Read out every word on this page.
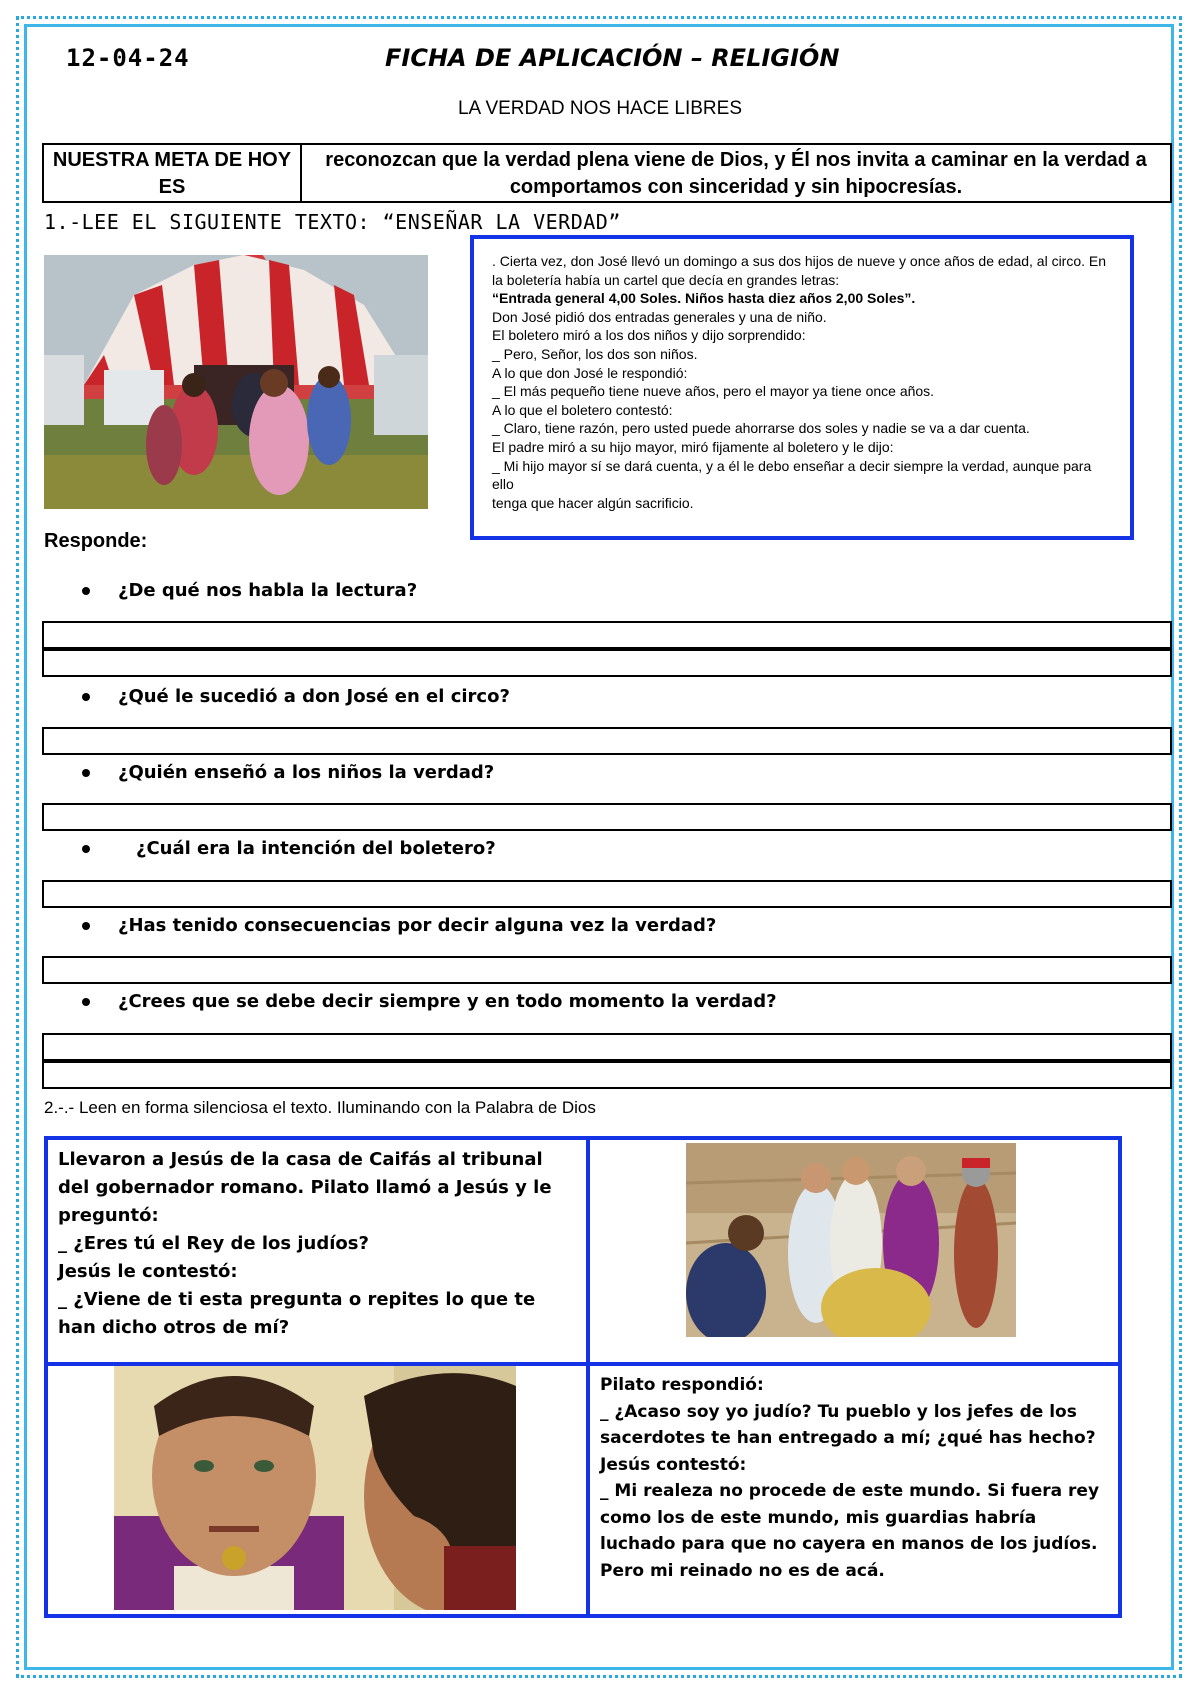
12-04-24	FICHA DE APLICACIÓN – RELIGIÓN
LA VERDAD NOS HACE LIBRES
NUESTRA META DE HOY ES
reconozcan que la verdad plena viene de Dios, y Él nos invita a caminar en la verdad a comportamos con sinceridad y sin hipocresías.
1.-LEE EL SIGUIENTE TEXTO: “ENSEÑAR LA VERDAD”

. Cierta vez, don José llevó un domingo a sus dos hijos de nueve y once años de edad, al circo. En la boletería había un cartel que decía en grandes letras:

“Entrada general 4,00 Soles. Niños hasta diez años 2,00 Soles”.

Don José pidió dos entradas generales y una de niño.

El boletero miró a los dos niños y dijo sorprendido:

_ Pero, Señor, los dos son niños.

A lo que don José le respondió:

_ El más pequeño tiene nueve años, pero el mayor ya tiene once años.

A lo que el boletero contestó:

_ Claro, tiene razón, pero usted puede ahorrarse dos soles y nadie se va a dar cuenta.

El padre miró a su hijo mayor, miró fijamente al boletero y le dijo:

_ Mi hijo mayor sí se dará cuenta, y a él le debo enseñar a decir siempre la verdad, aunque para ello

tenga que hacer algún sacrificio.

Responde:
¿De qué nos habla la lectura?
¿Qué le sucedió a don José en el circo?
¿Quién enseñó a los niños la verdad?
¿Cuál era la intención del boletero?
¿Has tenido consecuencias por decir alguna vez la verdad?
¿Crees que se debe decir siempre y en todo momento la verdad?
2.-.- Leen en forma silenciosa el texto. Iluminando con la Palabra de Dios

Llevaron a Jesús de la casa de Caifás al tribunal del gobernador romano. Pilato llamó a Jesús y le preguntó:

_ ¿Eres tú el Rey de los judíos?

Jesús le contestó:

_ ¿Viene de ti esta pregunta o repites lo que te han dicho otros de mí?

Pilato respondió:

_ ¿Acaso soy yo judío? Tu pueblo y los jefes de los sacerdotes te han entregado a mí; ¿qué has hecho?

Jesús contestó:

_ Mi realeza no procede de este mundo. Si fuera rey como los de este mundo, mis guardias habría luchado para que no cayera en manos de los judíos.

Pero mi reinado no es de acá.
